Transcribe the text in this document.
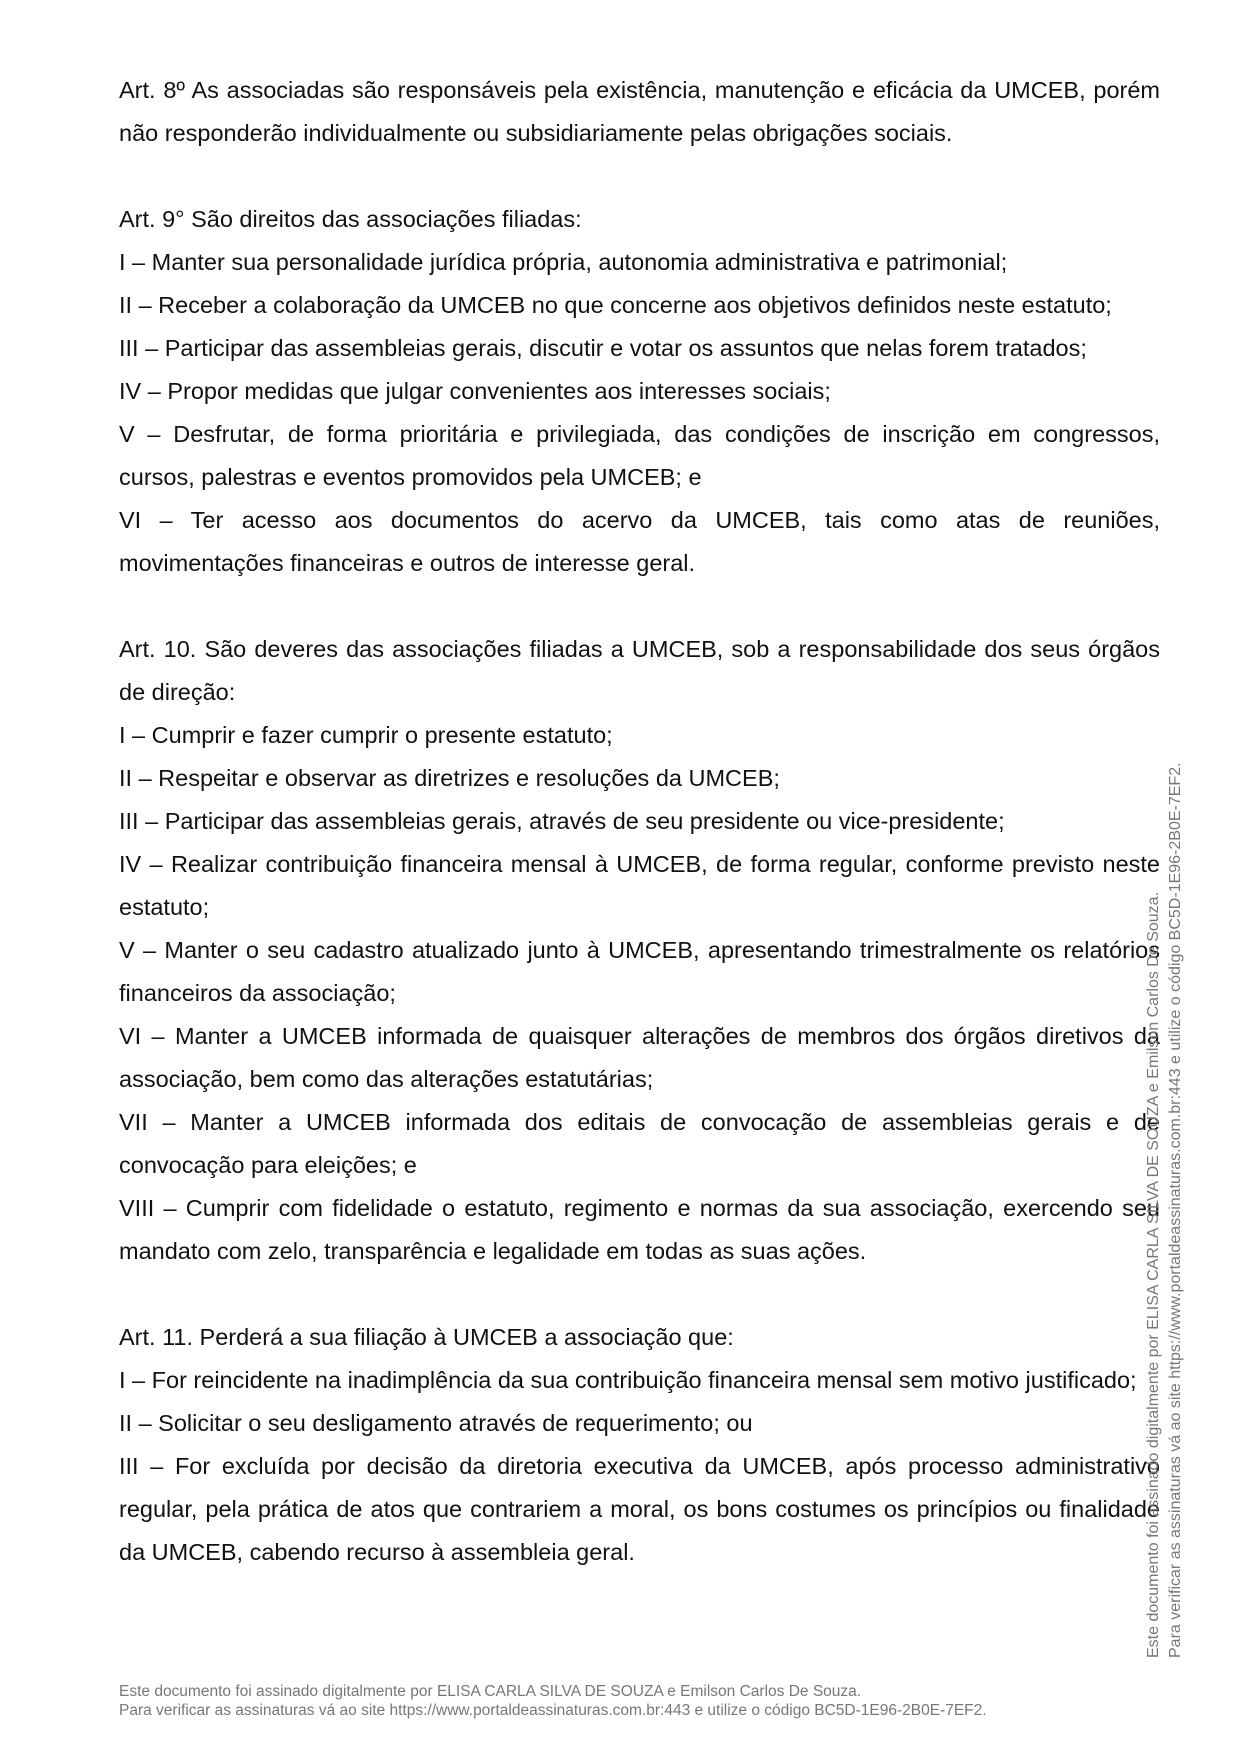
Art. 8º As associadas são responsáveis pela existência, manutenção e eficácia da UMCEB, porém não responderão individualmente ou subsidiariamente pelas obrigações sociais.

Art. 9° São direitos das associações filiadas:

I – Manter sua personalidade jurídica própria, autonomia administrativa e patrimonial;

II – Receber a colaboração da UMCEB no que concerne aos objetivos definidos neste estatuto;

III – Participar das assembleias gerais, discutir e votar os assuntos que nelas forem tratados;

IV – Propor medidas que julgar convenientes aos interesses sociais;

V – Desfrutar, de forma prioritária e privilegiada, das condições de inscrição em congressos, cursos, palestras e eventos promovidos pela UMCEB; e

VI – Ter acesso aos documentos do acervo da UMCEB, tais como atas de reuniões, movimentações financeiras e outros de interesse geral.

Art. 10. São deveres das associações filiadas a UMCEB, sob a responsabilidade dos seus órgãos de direção:

I – Cumprir e fazer cumprir o presente estatuto;

II – Respeitar e observar as diretrizes e resoluções da UMCEB;

III – Participar das assembleias gerais, através de seu presidente ou vice-presidente;

IV – Realizar contribuição financeira mensal à UMCEB, de forma regular, conforme previsto neste estatuto;

V – Manter o seu cadastro atualizado junto à UMCEB, apresentando trimestralmente os relatórios financeiros da associação;

VI – Manter a UMCEB informada de quaisquer alterações de membros dos órgãos diretivos da associação, bem como das alterações estatutárias;

VII – Manter a UMCEB informada dos editais de convocação de assembleias gerais e de convocação para eleições; e

VIII – Cumprir com fidelidade o estatuto, regimento e normas da sua associação, exercendo seu mandato com zelo, transparência e legalidade em todas as suas ações.

Art. 11. Perderá a sua filiação à UMCEB a associação que:

I – For reincidente na inadimplência da sua contribuição financeira mensal sem motivo justificado;

II – Solicitar o seu desligamento através de requerimento; ou

III – For excluída por decisão da diretoria executiva da UMCEB, após processo administrativo regular, pela prática de atos que contrariem a moral, os bons costumes os princípios ou finalidade da UMCEB, cabendo recurso à assembleia geral.

Este documento foi assinado digitalmente por ELISA CARLA SILVA DE SOUZA e Emilson Carlos De Souza.
Para verificar as assinaturas vá ao site https://www.portaldeassinaturas.com.br:443 e utilize o código BC5D-1E96-2B0E-7EF2.
Este documento foi assinado digitalmente por ELISA CARLA SILVA DE SOUZA e Emilson Carlos De Souza. Para verificar as assinaturas vá ao site https://www.portaldeassinaturas.com.br:443 e utilize o código BC5D-1E96-2B0E-7EF2.
